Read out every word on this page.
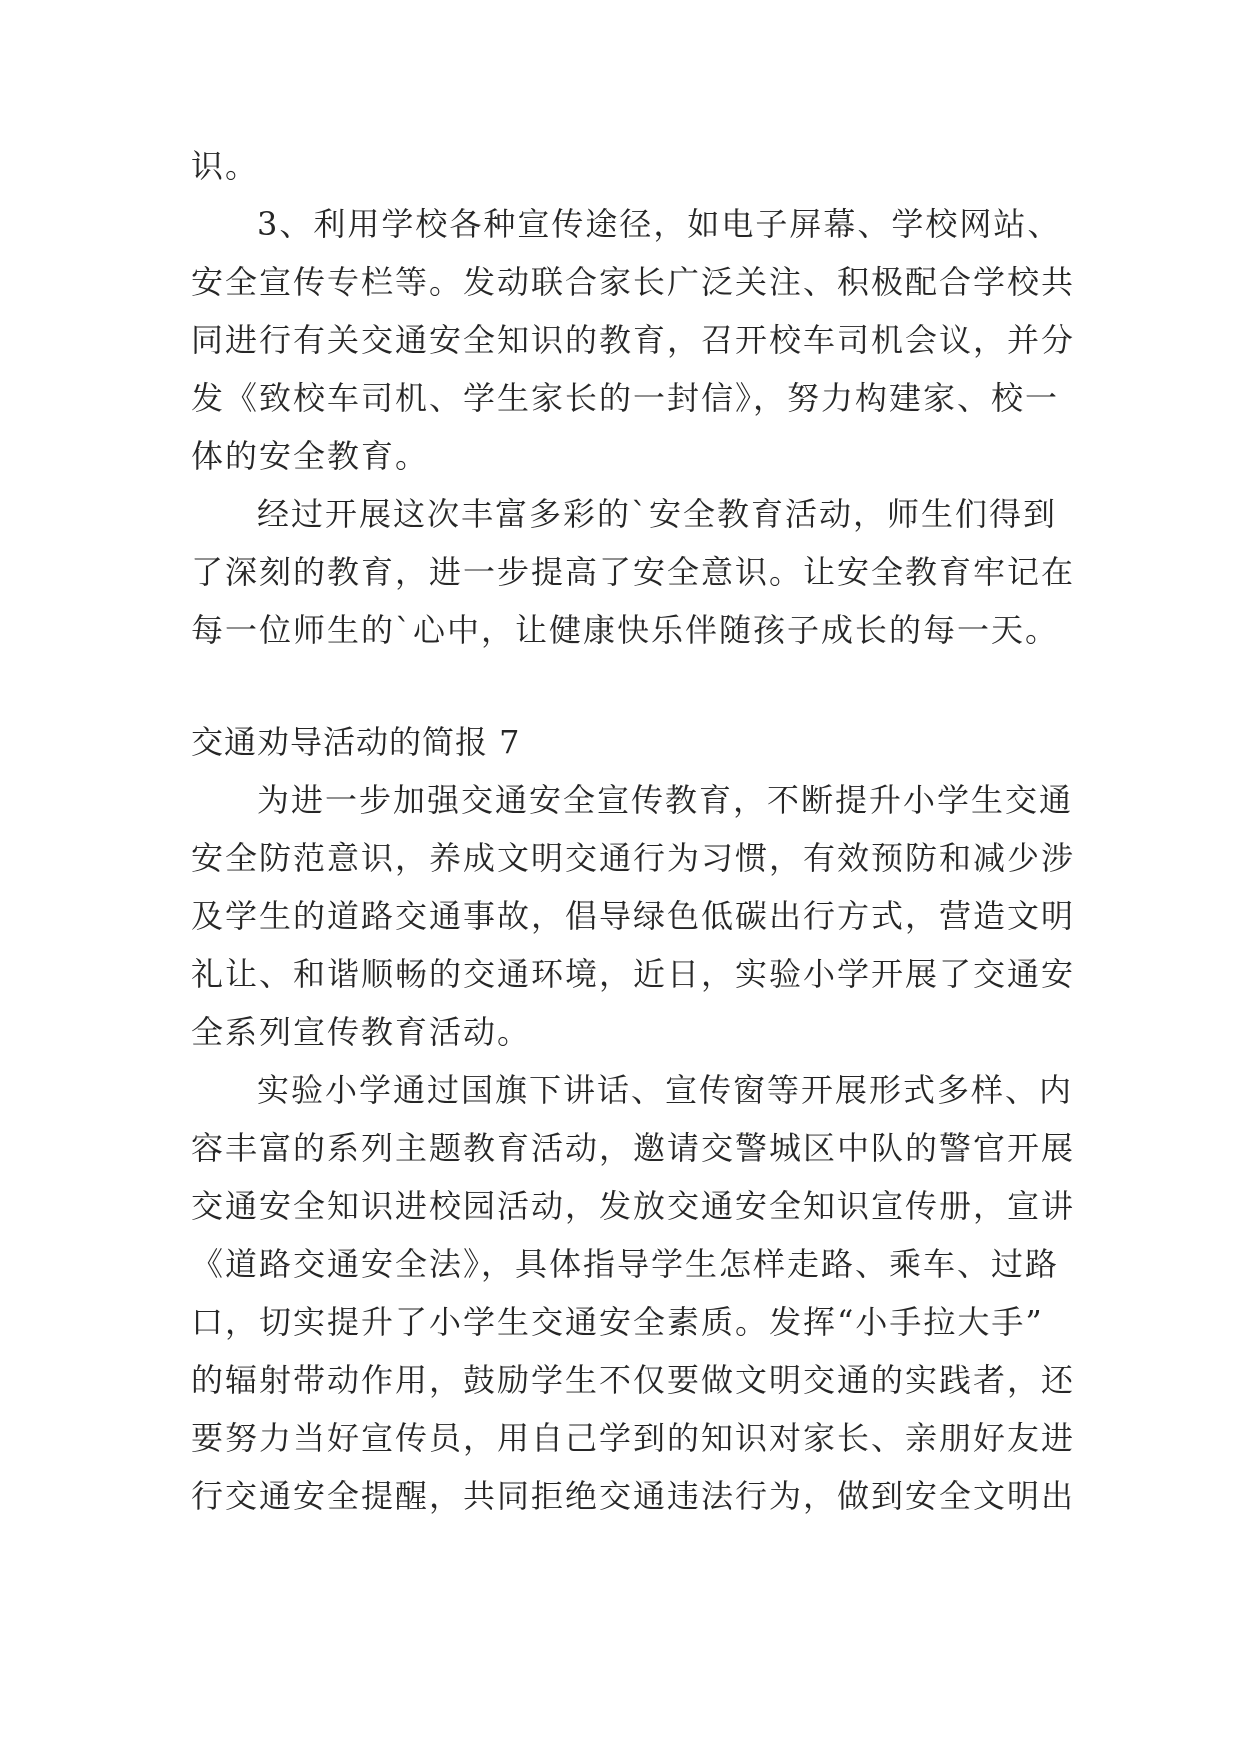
识。

3、利用学校各种宣传途径，如电子屏幕、学校网站、

安全宣传专栏等。发动联合家长广泛关注、积极配合学校共

同进行有关交通安全知识的教育，召开校车司机会议，并分

发《致校车司机、学生家长的一封信》，努力构建家、校一

体的安全教育。

经过开展这次丰富多彩的`安全教育活动，师生们得到

了深刻的教育，进一步提高了安全意识。让安全教育牢记在

每一位师生的`心中，让健康快乐伴随孩子成长的每一天。

交通劝导活动的简报 7

为进一步加强交通安全宣传教育，不断提升小学生交通

安全防范意识，养成文明交通行为习惯，有效预防和减少涉

及学生的道路交通事故，倡导绿色低碳出行方式，营造文明

礼让、和谐顺畅的交通环境，近日，实验小学开展了交通安

全系列宣传教育活动。

实验小学通过国旗下讲话、宣传窗等开展形式多样、内

容丰富的系列主题教育活动，邀请交警城区中队的警官开展

交通安全知识进校园活动，发放交通安全知识宣传册，宣讲

《道路交通安全法》，具体指导学生怎样走路、乘车、过路

口，切实提升了小学生交通安全素质。发挥“小手拉大手”

的辐射带动作用，鼓励学生不仅要做文明交通的实践者，还

要努力当好宣传员，用自己学到的知识对家长、亲朋好友进

行交通安全提醒，共同拒绝交通违法行为，做到安全文明出
